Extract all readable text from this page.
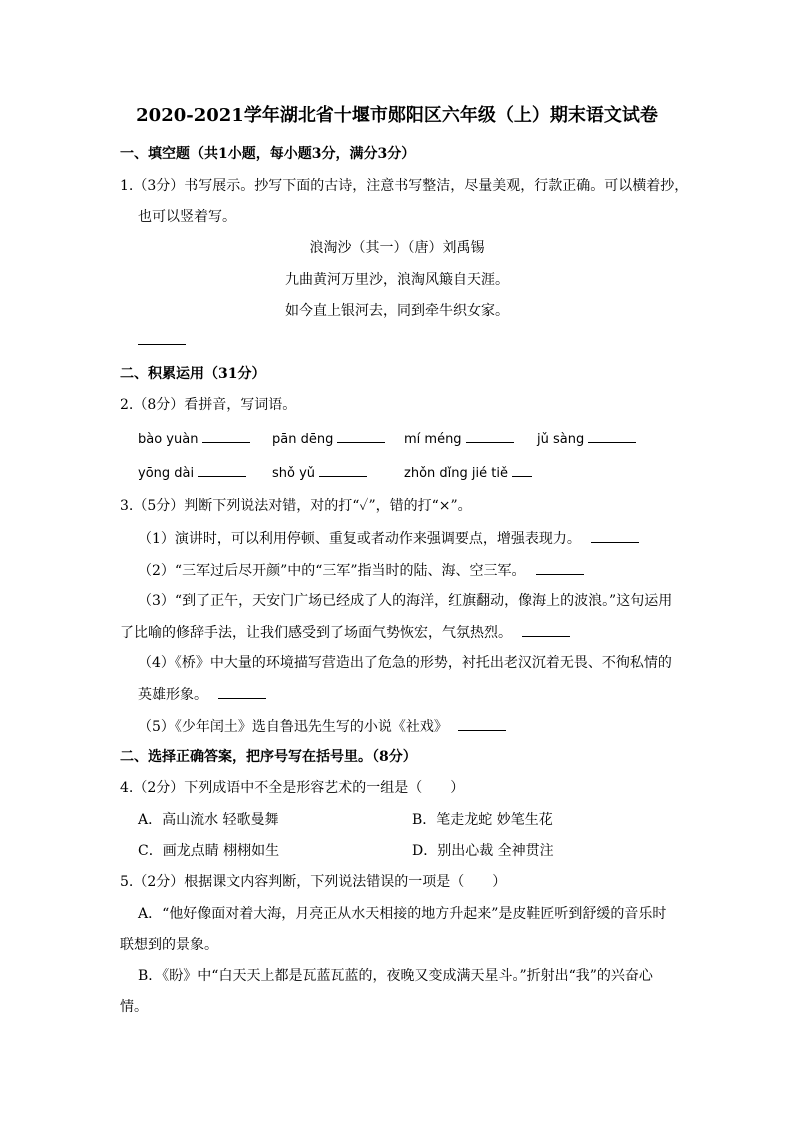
2020-2021学年湖北省十堰市郧阳区六年级（上）期末语文试卷
一、填空题（共1小题，每小题3分，满分3分）
1.（3分）书写展示。抄写下面的古诗，注意书写整洁，尽量美观，行款正确。可以横着抄，
也可以竖着写。
浪淘沙（其一）（唐）刘禹锡
九曲黄河万里沙，浪淘风簸自天涯。
如今直上银河去，同到牵牛织女家。
二、积累运用（31分）
2.（8分）看拼音，写词语。
bào yuàn	pān dēng	mí méng	jǔ sàng
yōng dài	shǒ yǔ	zhǒn dǐng jié tiě
3.（5分）判断下列说法对错，对的打“✓”，错的打“×”。
（1）演讲时，可以利用停顿、重复或者动作来强调要点，增强表现力。
（2）“三军过后尽开颜”中的“三军”指当时的陆、海、空三军。
（3）“到了正午，天安门广场已经成了人的海洋，红旗翻动，像海上的波浪。”这句运用
了比喻的修辞手法，让我们感受到了场面气势恢宏，气氛热烈。
（4）《桥》中大量的环境描写营造出了危急的形势，衬托出老汉沉着无畏、不徇私情的
英雄形象。
（5）《少年闰土》选自鲁迅先生写的小说《社戏》
二、选择正确答案，把序号写在括号里。（8分）
4.（2分）下列成语中不全是形容艺术的一组是（　　）
A．高山流水 轻歌曼舞	B．笔走龙蛇 妙笔生花
C．画龙点睛 栩栩如生	D．别出心裁 全神贯注
5.（2分）根据课文内容判断，下列说法错误的一项是（　　）
A．“他好像面对着大海，月亮正从水天相接的地方升起来”是皮鞋匠听到舒缓的音乐时
联想到的景象。
B．《盼》中“白天天上都是瓦蓝瓦蓝的，夜晚又变成满天星斗。”折射出“我”的兴奋心
情。
